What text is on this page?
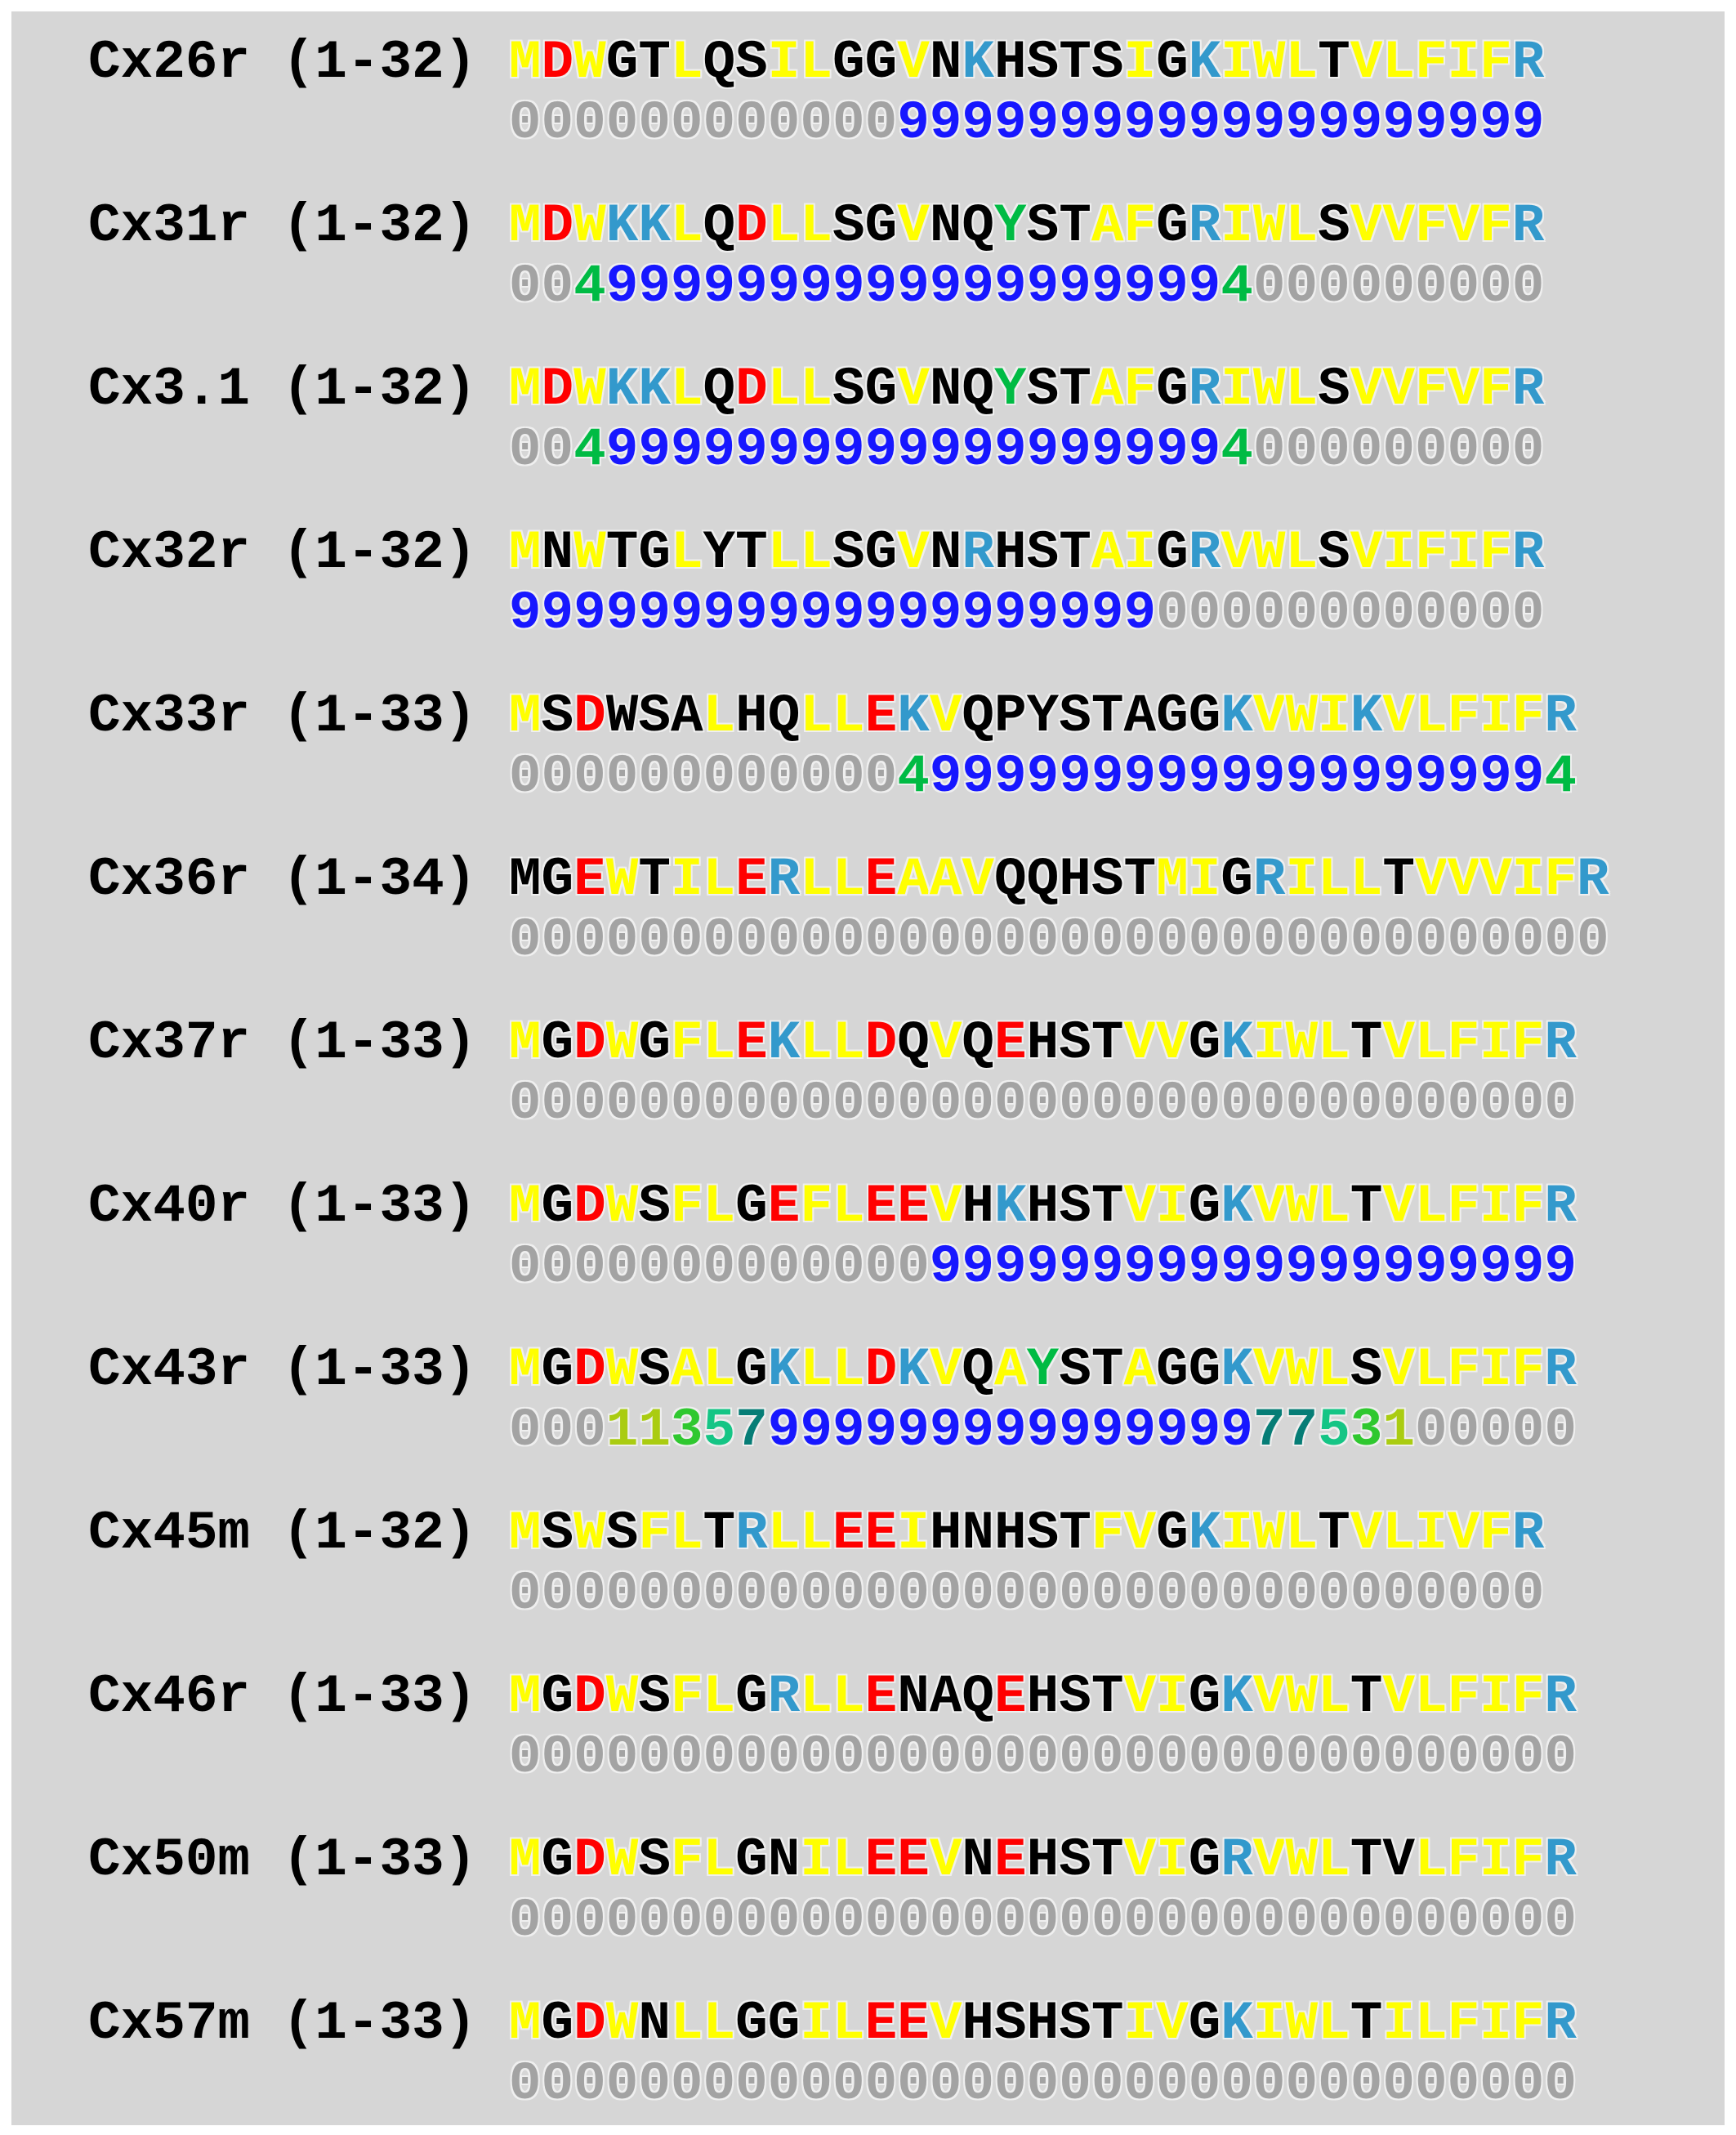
Cx26r (1-32) MDWGTLQSILGGVNKHSTSIGKIWLTVLFIFR
00000000000099999999999999999999
Cx31r (1-32) MDWKKLQDLLSGVNQYSTAFGRIWLSVVFVFR
00499999999999999999994000000000
Cx3.1 (1-32) MDWKKLQDLLSGVNQYSTAFGRIWLSVVFVFR
00499999999999999999994000000000
Cx32r (1-32) MNWTGLYTLLSGVNRHSTAIGRVWLSVIFIFR
99999999999999999999000000000000
Cx33r (1-33) MSDWSALHQLLEKVQPYSTAGGKVWIKVLFIFR
000000000000499999999999999999994
Cx36r (1-34) MGEWTILERLLEAAVQQHSTMIGRILLTVVVIFR
0000000000000000000000000000000000
Cx37r (1-33) MGDWGFLEKLLDQVQEHSTVVGKIWLTVLFIFR
000000000000000000000000000000000
Cx40r (1-33) MGDWSFLGEFLEEVHKHSTVIGKVWLTVLFIFR
000000000000099999999999999999999
Cx43r (1-33) MGDWSALGKLLDKVQAYSTAGGKVWLSVLFIFR
000113579999999999999997753100000
Cx45m (1-32) MSWSFLTRLLEEIHNHSTFVGKIWLTVLIVFR
00000000000000000000000000000000
Cx46r (1-33) MGDWSFLGRLLENAQEHSTVIGKVWLTVLFIFR
000000000000000000000000000000000
Cx50m (1-33) MGDWSFLGNILEEVNEHSTVIGRVWLTVLFIFR
000000000000000000000000000000000
Cx57m (1-33) MGDWNLLGGILEEVHSHSTIVGKIWLTILFIFR
000000000000000000000000000000000
